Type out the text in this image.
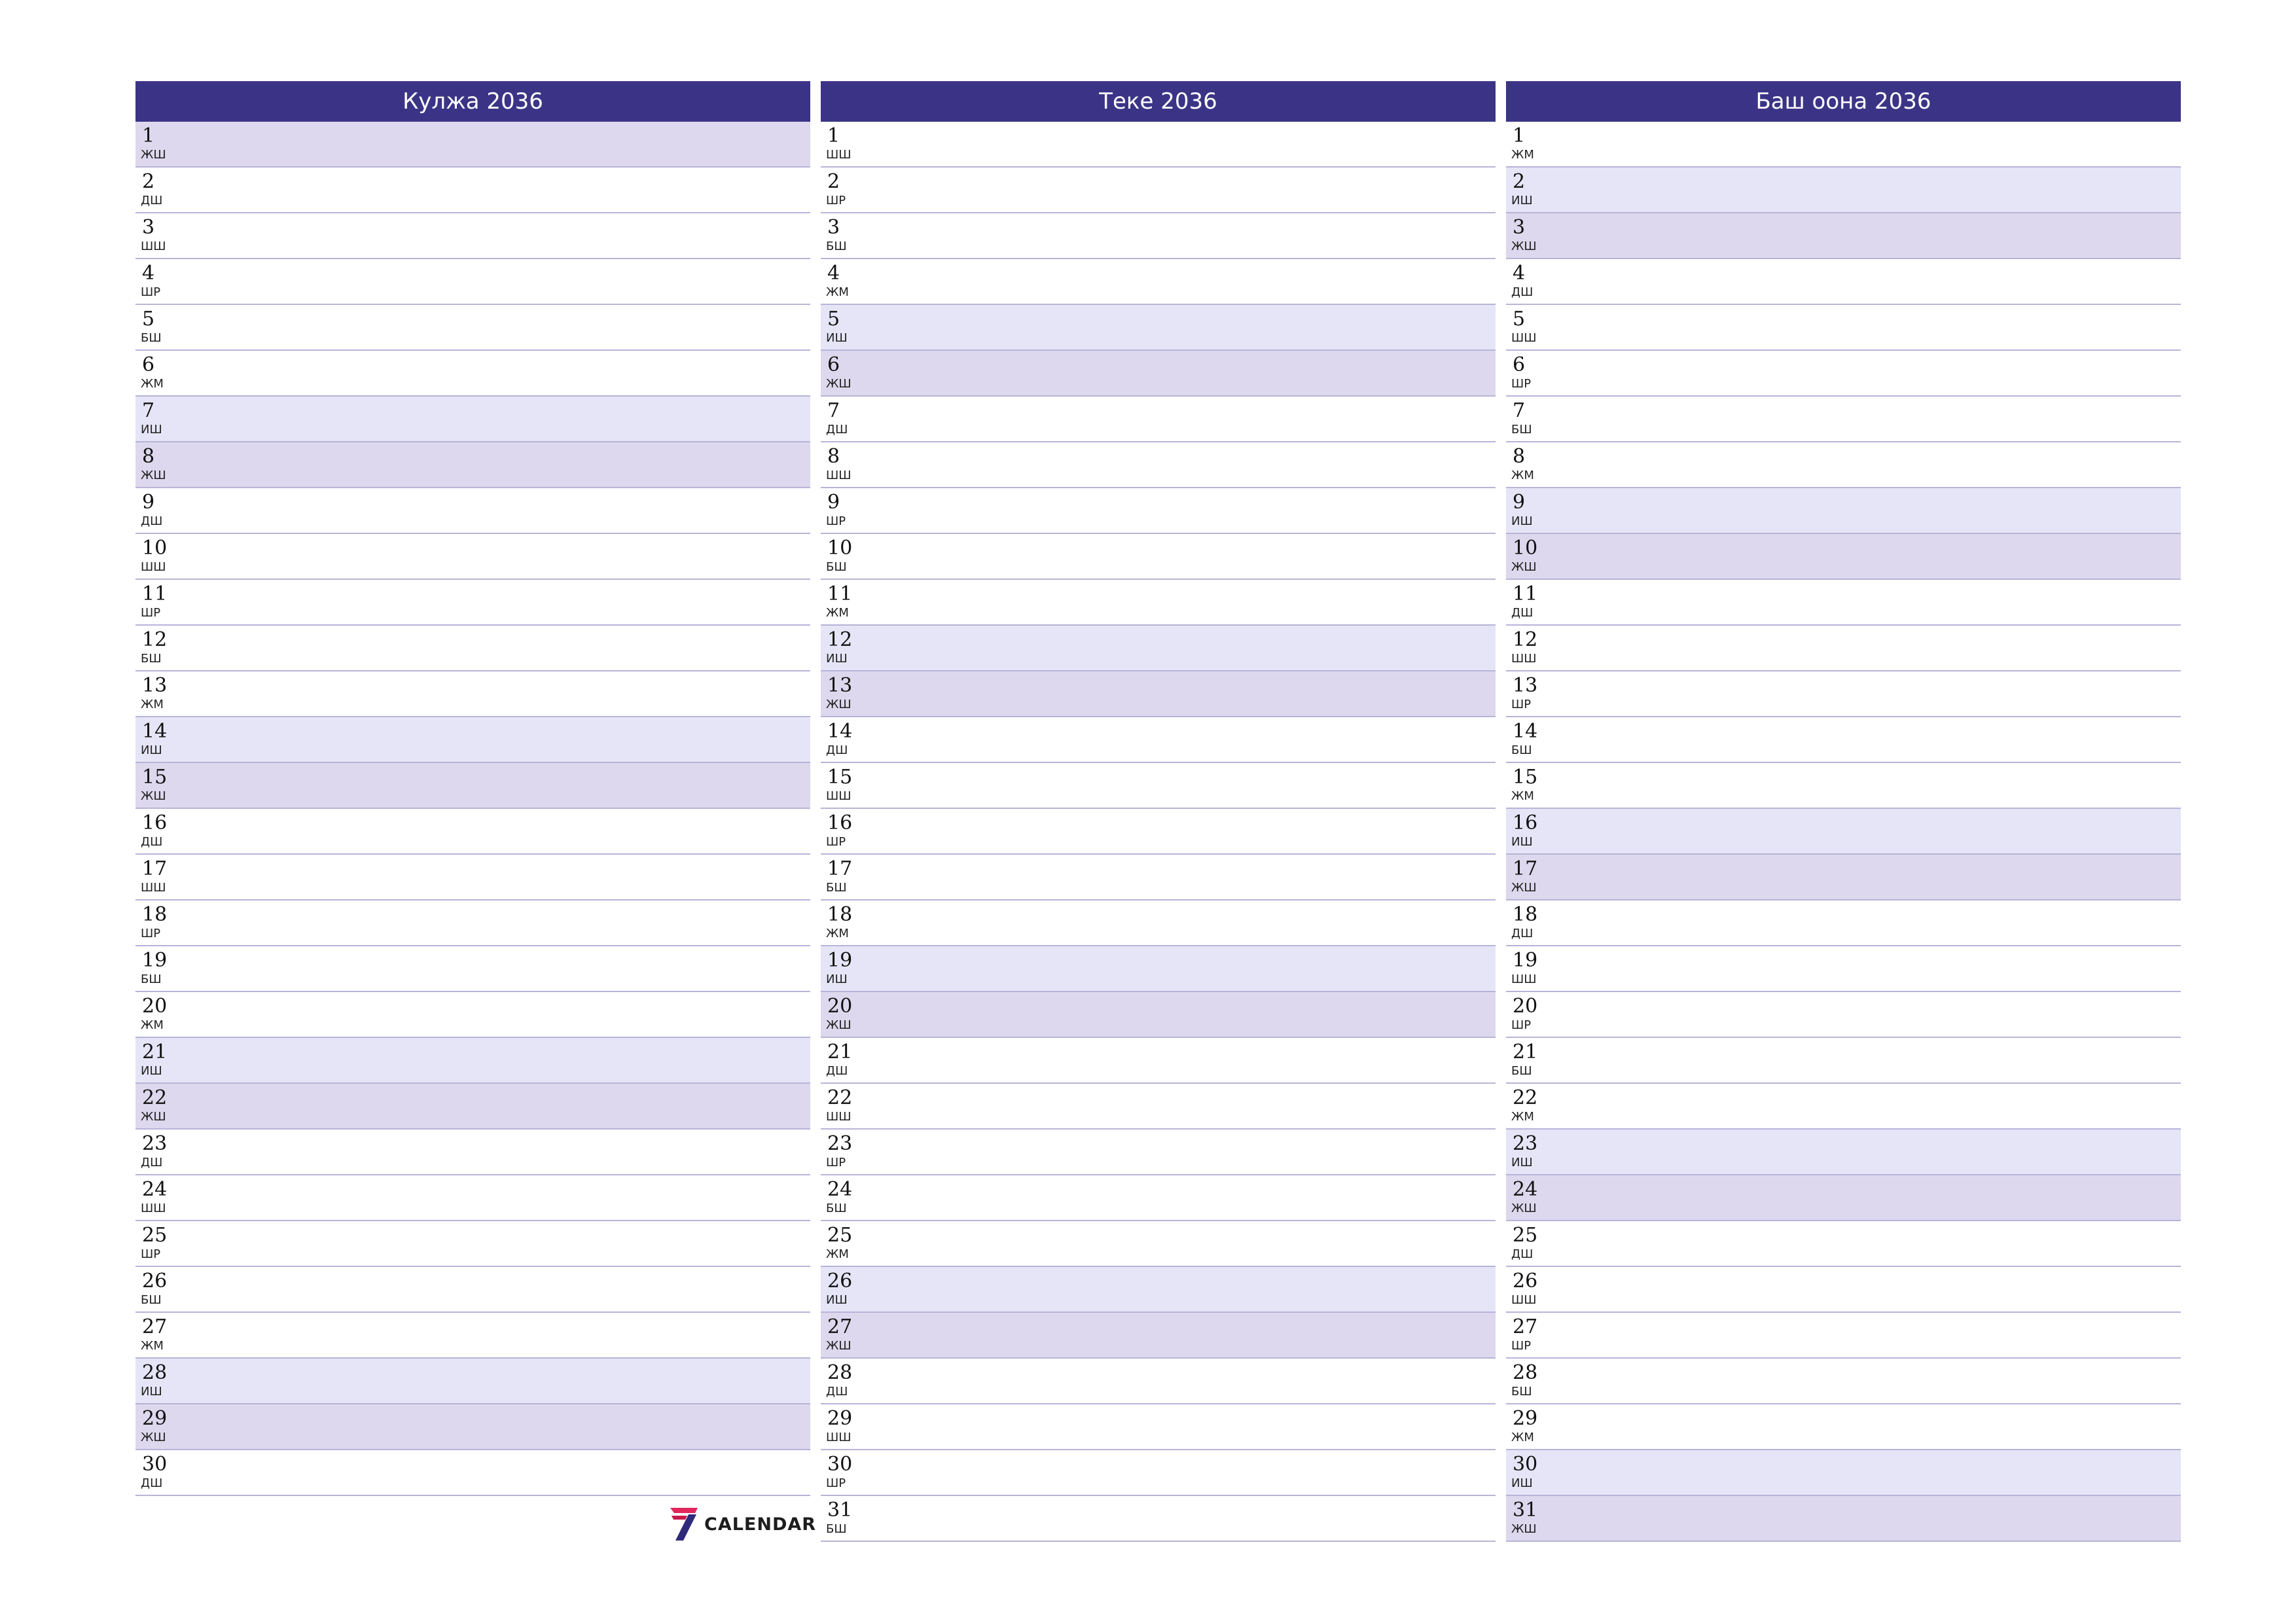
Кулжа 2036
1
ЖШ
2
ДШ
3
ШШ
4
ШР
5
БШ
6
ЖМ
7
ИШ
8
ЖШ
9
ДШ
10
ШШ
11
ШР
12
БШ
13
ЖМ
14
ИШ
15
ЖШ
16
ДШ
17
ШШ
18
ШР
19
БШ
20
ЖМ
21
ИШ
22
ЖШ
23
ДШ
24
ШШ
25
ШР
26
БШ
27
ЖМ
28
ИШ
29
ЖШ
30
ДШ
Теке 2036
1
ШШ
2
ШР
3
БШ
4
ЖМ
5
ИШ
6
ЖШ
7
ДШ
8
ШШ
9
ШР
10
БШ
11
ЖМ
12
ИШ
13
ЖШ
14
ДШ
15
ШШ
16
ШР
17
БШ
18
ЖМ
19
ИШ
20
ЖШ
21
ДШ
22
ШШ
23
ШР
24
БШ
25
ЖМ
26
ИШ
27
ЖШ
28
ДШ
29
ШШ
30
ШР
31
БШ
Баш оона 2036
1
ЖМ
2
ИШ
3
ЖШ
4
ДШ
5
ШШ
6
ШР
7
БШ
8
ЖМ
9
ИШ
10
ЖШ
11
ДШ
12
ШШ
13
ШР
14
БШ
15
ЖМ
16
ИШ
17
ЖШ
18
ДШ
19
ШШ
20
ШР
21
БШ
22
ЖМ
23
ИШ
24
ЖШ
25
ДШ
26
ШШ
27
ШР
28
БШ
29
ЖМ
30
ИШ
31
ЖШ
CALENDAR
